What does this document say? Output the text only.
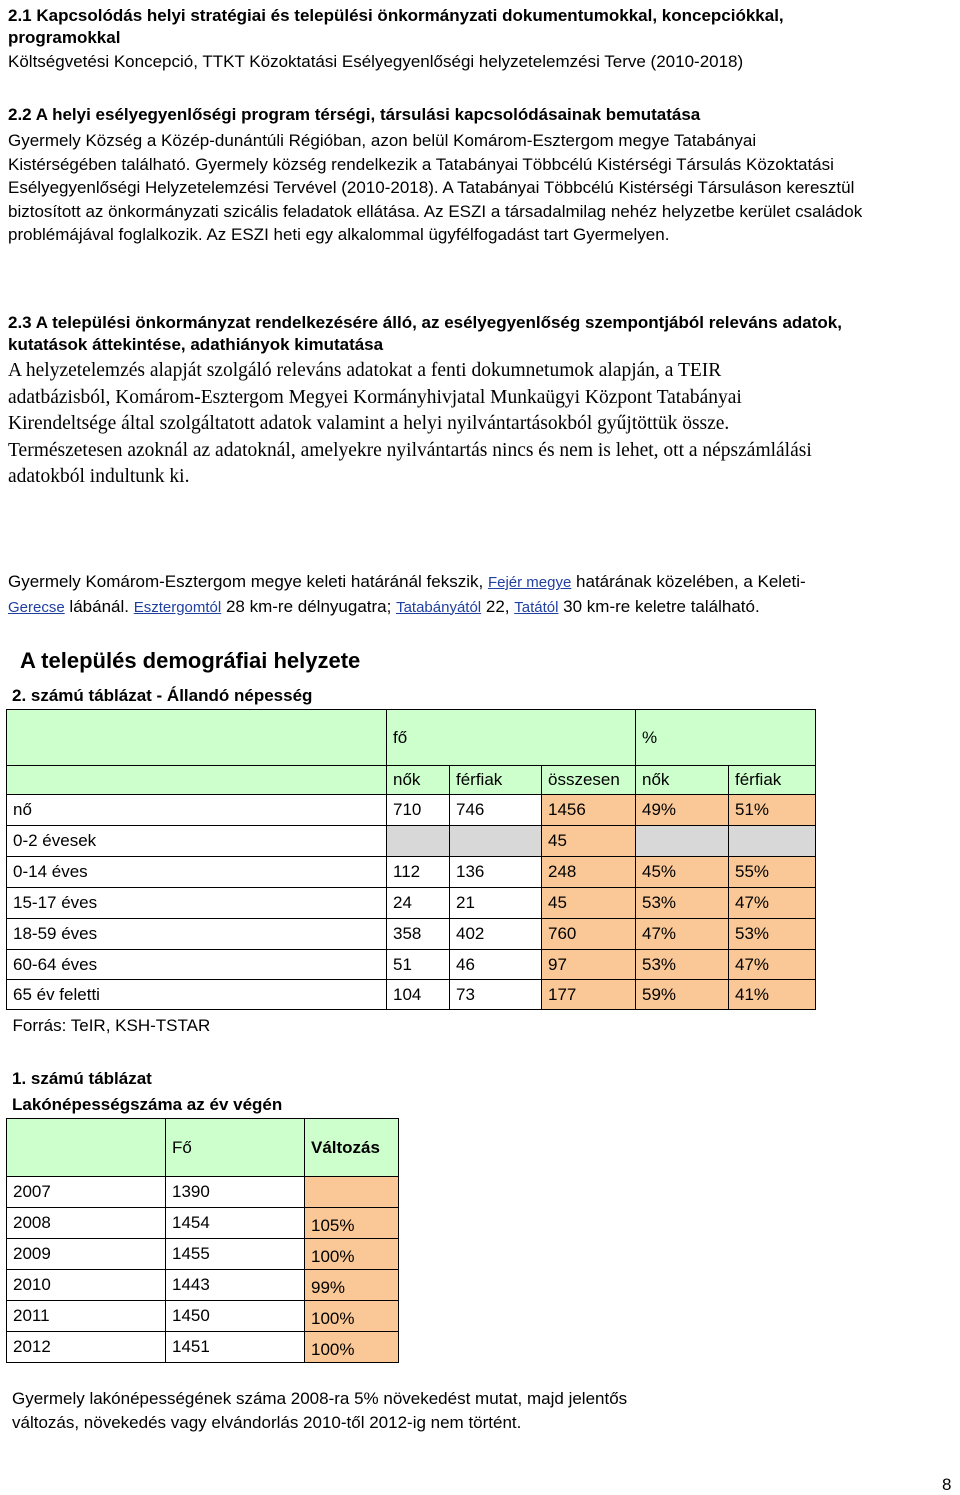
2.1 Kapcsolódás helyi stratégiai és települési önkormányzati dokumentumokkal, koncepciókkal,
programokkal
Költségvetési Koncepció, TTKT Közoktatási Esélyegyenlőségi helyzetelemzési Terve (2010-2018)
2.2 A helyi esélyegyenlőségi program térségi, társulási kapcsolódásainak bemutatása
Gyermely Község a Közép-dunántúli Régióban, azon belül Komárom-Esztergom megye Tatabányai
Kistérségében található. Gyermely község rendelkezik a Tatabányai Többcélú Kistérségi Társulás Közoktatási
Esélyegyenlőségi Helyzetelemzési Tervével (2010-2018). A Tatabányai Többcélú Kistérségi Társuláson keresztül
biztosított az önkormányzati szicális feladatok ellátása. Az ESZI a társadalmilag nehéz helyzetbe kerület családok
problémájával foglalkozik. Az ESZI heti egy alkalommal ügyfélfogadást tart Gyermelyen.
2.3 A települési önkormányzat rendelkezésére álló, az esélyegyenlőség szempontjából releváns adatok,
kutatások áttekintése, adathiányok kimutatása
A helyzetelemzés alapját szolgáló releváns adatokat a fenti dokumnetumok alapján, a TEIR
adatbázisból, Komárom-Esztergom Megyei Kormányhivjatal Munkaügyi Központ Tatabányai
Kirendeltsége által szolgáltatott adatok valamint a helyi nyilvántartásokból gyűjtöttük össze.
Természetesen azoknál az adatoknál, amelyekre nyilvántartás nincs és nem is lehet, ott a népszámlálási
adatokból indultunk ki.
Gyermely Komárom-Esztergom megye keleti határánál fekszik, Fejér megye határának közelében, a Keleti-
Gerecse lábánál. Esztergomtól 28 km-re délnyugatra; Tatabányától 22, Tatától 30 km-re keletre található.
A település demográfiai helyzete
2. számú táblázat - Állandó népesség
	fő			%	
	nők	férfiak	összesen	nők	férfiak
nő	710	746	1456	49%	51%
0-2 évesek			45		
0-14 éves	112	136	248	45%	55%
15-17 éves	24	21	45	53%	47%
18-59 éves	358	402	760	47%	53%
60-64 éves	51	46	97	53%	47%
65 év feletti	104	73	177	59%	41%
Forrás: TeIR, KSH-TSTAR					
1. számú táblázat
Lakónépességszáma az év végén
	Fő	Változás
2007	1390	
2008	1454	105%
2009	1455	100%
2010	1443	99%
2011	1450	100%
2012	1451	100%
Gyermely lakónépességének száma 2008-ra 5% növekedést mutat, majd jelentős
változás, növekedés vagy elvándorlás 2010-től 2012-ig nem történt.
8
